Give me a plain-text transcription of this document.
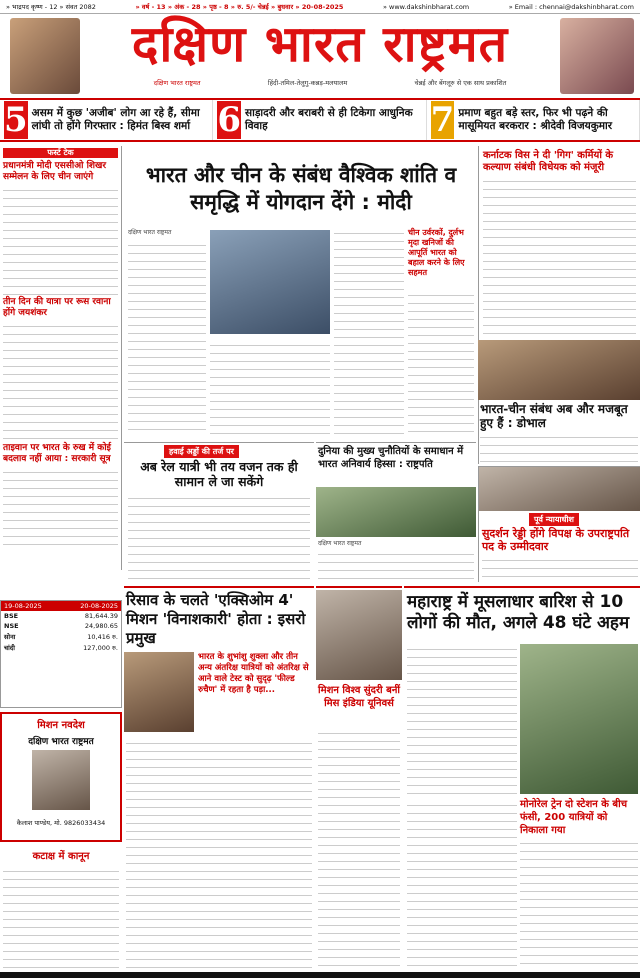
» भाद्रपद कृष्ण - 12 » संवत 2082	» वर्ष - 13 » अंक - 28 » पृष्ठ - 8 » रु. 5/- चेन्नई » बुधवार » 20-08-2025	» www.dakshinbharat.com	» Email : chennai@dakshinbharat.com
दक्षिण भारत राष्ट्रमत
दक्षिण भारत राष्ट्रमत	हिंदी-तमिल-तेलुगु-कन्नड़-मलयालम	चेन्नई और बेंगलूरु से एक साथ प्रकाशित
5 असम में कुछ 'अजीब' लोग आ रहे हैं, सीमा लांघी तो होंगे गिरफ्तार : हिमंत बिस्व शर्मा 6 साड़ादरी और बराबरी से ही टिकेगा आधुनिक विवाह	7 प्रमाण बहुत बड़े स्तर, फिर भी पढ़ने की मासूमियत बरकरार : श्रीदेवी विजयकुमार
फर्स्ट टेक
प्रधानमंत्री मोदी एससीओ शिखर सम्मेलन के लिए चीन जाएंगे
तीन दिन की यात्रा पर रूस रवाना होंगे जयशंकर
ताइवान पर भारत के रुख में कोई बदलाव नहीं आया : सरकारी सूत्र
भारत और चीन के संबंध वैश्विक शांति व समृद्धि में योगदान देंगे : मोदी
दक्षिण भारत राष्ट्रमत	चीन उर्वरकों, दुर्लभ मृदा खनिजों की आपूर्ति भारत को बहाल करने के लिए सहमत
कर्नाटक विस ने दी 'गिग' कर्मियों के कल्याण संबंधी विधेयक को मंजूरी
भारत-चीन संबंध अब और मजबूत हुए हैं : डोभाल
हवाई अड्डों की तर्ज पर
अब रेल यात्री भी तय वजन तक ही सामान ले जा सकेंगे
दुनिया की मुख्य चुनौतियों के समाधान में भारत अनिवार्य हिस्सा : राष्ट्रपति
दक्षिण भारत राष्ट्रमत
पूर्व न्यायाधीश
सुदर्शन रेड्डी होंगे विपक्ष के उपराष्ट्रपति पद के उम्मीदवार
19-08-2025	20-08-2025
BSE	81,644.39
NSE	24,980.65
सोना	10,416 रु.
चांदी	127,000 रु.
मिशन नवदेश
दक्षिण भारत राष्ट्रमत
कैलाश पाण्डेय, मो. 9826033434
कटाक्ष में कानून
रिसाव के चलते 'एक्सिओम 4' मिशन 'विनाशकारी' होता : इसरो प्रमुख
भारत के शुभांशु शुक्ला और तीन अन्य अंतरिक्ष यात्रियों को अंतरिक्ष से आने वाले टेस्ट को सुदृढ़ 'फील्ड रुचैण' में रहता है पड़ा...	मिशन विश्व सुंदरी बनीं मिस इंडिया यूनिवर्स
महाराष्ट्र में मूसलाधार बारिश से 10 लोगों की मौत, अगले 48 घंटे अहम
मोनोरेल ट्रेन दो स्टेशन के बीच फंसी, 200 यात्रियों को निकाला गया
